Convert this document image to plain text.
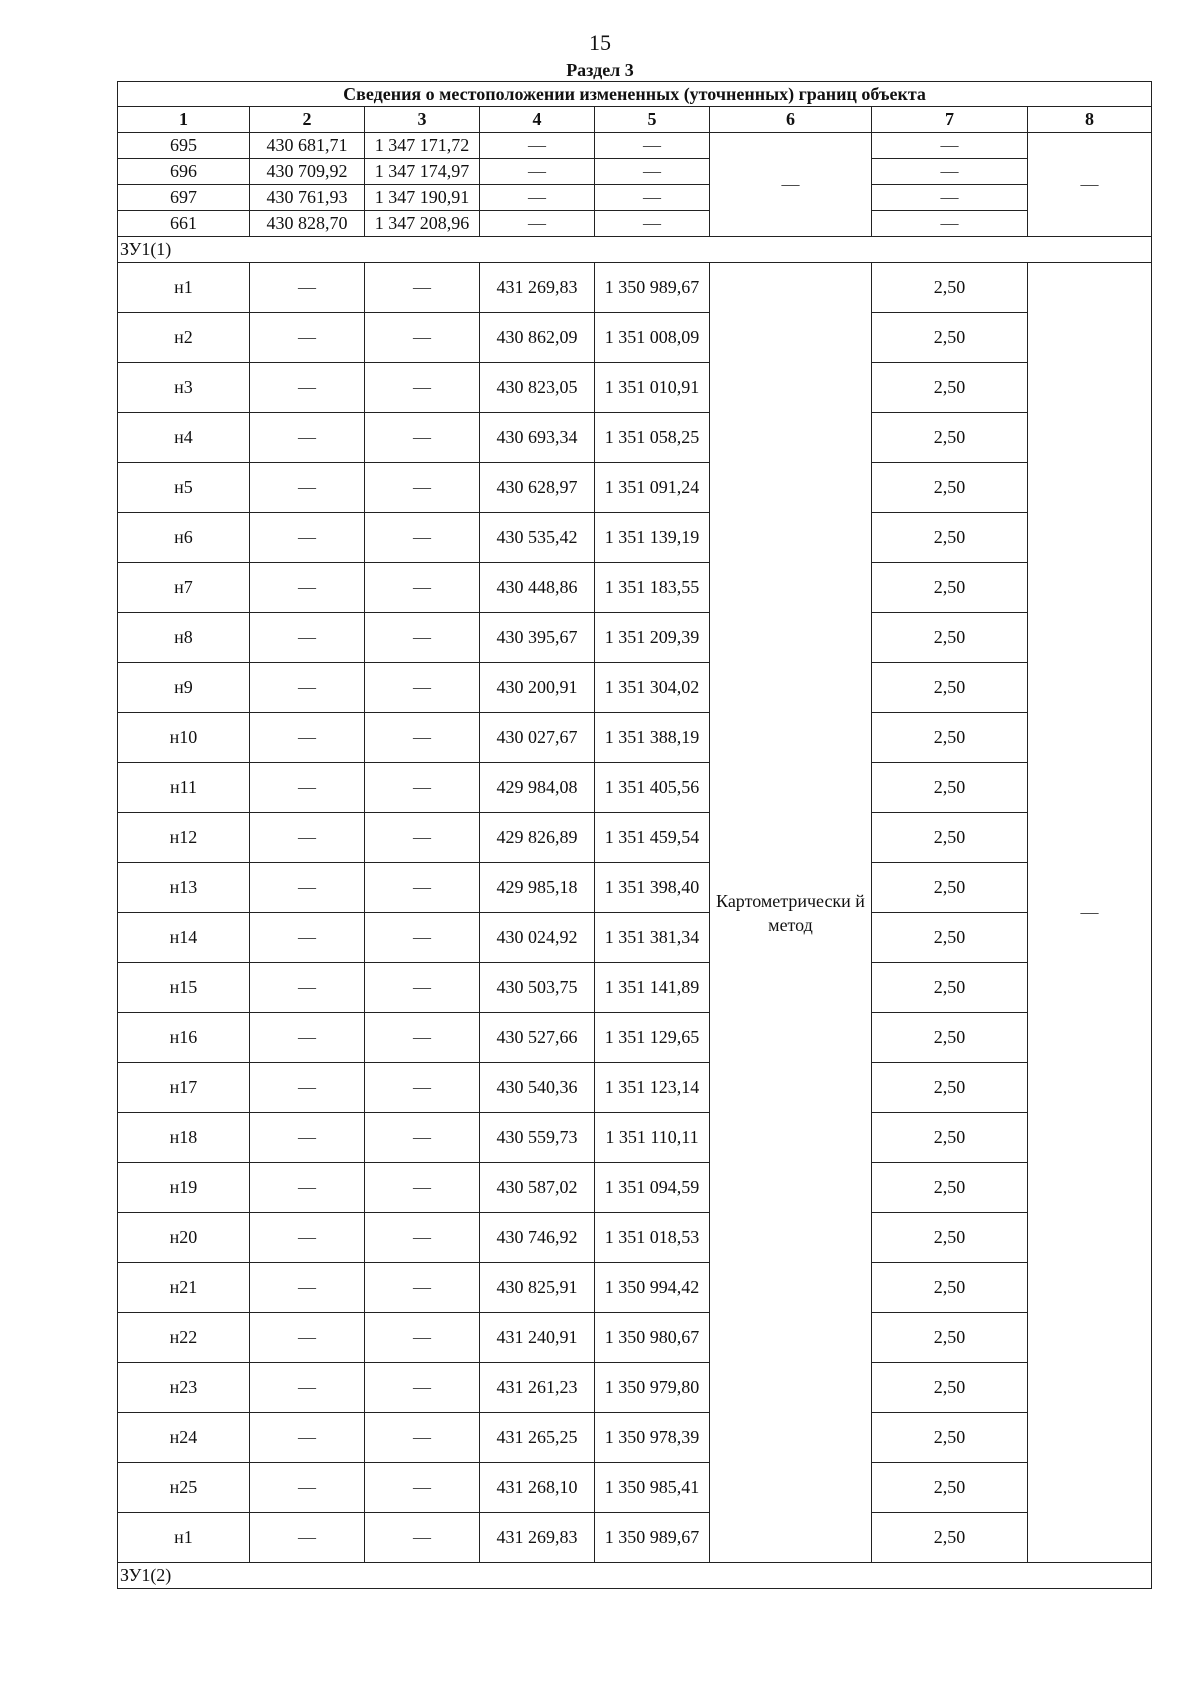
15
Раздел 3
Сведения о местоположении измененных (уточненных) границ объекта							
1	2	3	4	5	6	7	8
695	430 681,71	1 347 171,72	—	—	—	—	—
696	430 709,92	1 347 174,97	—	—		—	
697	430 761,93	1 347 190,91	—	—		—	
661	430 828,70	1 347 208,96	—	—		—	
ЗУ1(1)							
н1	—	—	431 269,83	1 350 989,67	Картометрически й метод	2,50	—
н2	—	—	430 862,09	1 351 008,09		2,50	
н3	—	—	430 823,05	1 351 010,91		2,50	
н4	—	—	430 693,34	1 351 058,25		2,50	
н5	—	—	430 628,97	1 351 091,24		2,50	
н6	—	—	430 535,42	1 351 139,19		2,50	
н7	—	—	430 448,86	1 351 183,55		2,50	
н8	—	—	430 395,67	1 351 209,39		2,50	
н9	—	—	430 200,91	1 351 304,02		2,50	
н10	—	—	430 027,67	1 351 388,19		2,50	
н11	—	—	429 984,08	1 351 405,56		2,50	
н12	—	—	429 826,89	1 351 459,54		2,50	
н13	—	—	429 985,18	1 351 398,40		2,50	
н14	—	—	430 024,92	1 351 381,34		2,50	
н15	—	—	430 503,75	1 351 141,89		2,50	
н16	—	—	430 527,66	1 351 129,65		2,50	
н17	—	—	430 540,36	1 351 123,14		2,50	
н18	—	—	430 559,73	1 351 110,11		2,50	
н19	—	—	430 587,02	1 351 094,59		2,50	
н20	—	—	430 746,92	1 351 018,53		2,50	
н21	—	—	430 825,91	1 350 994,42		2,50	
н22	—	—	431 240,91	1 350 980,67		2,50	
н23	—	—	431 261,23	1 350 979,80		2,50	
н24	—	—	431 265,25	1 350 978,39		2,50	
н25	—	—	431 268,10	1 350 985,41		2,50	
н1	—	—	431 269,83	1 350 989,67		2,50	
ЗУ1(2)							
